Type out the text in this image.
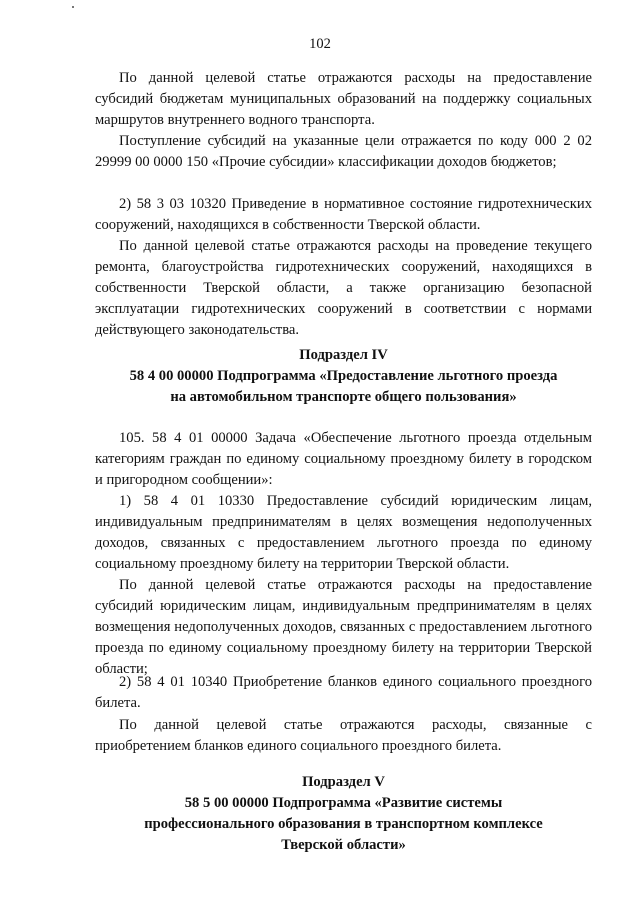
102

По данной целевой статье отражаются расходы на предоставление субсидий бюджетам муниципальных образований на поддержку социальных маршрутов внутреннего водного транспорта.

Поступление субсидий на указанные цели отражается по коду 000 2 02 29999 00 0000 150 «Прочие субсидии» классификации доходов бюджетов;

2) 58 3 03 10320 Приведение в нормативное состояние гидротехнических сооружений, находящихся в собственности Тверской области.

По данной целевой статье отражаются расходы на проведение текущего ремонта, благоустройства гидротехнических сооружений, находящихся в собственности Тверской области, а также организацию безопасной эксплуатации гидротехнических сооружений в соответствии с нормами действующего законодательства.

Подраздел IV

58 4 00 00000 Подпрограмма «Предоставление льготного проезда

на автомобильном транспорте общего пользования»

105. 58 4 01 00000 Задача «Обеспечение льготного проезда отдельным категориям граждан по единому социальному проездному билету в городском и пригородном сообщении»:

1) 58 4 01 10330 Предоставление субсидий юридическим лицам, индивидуальным предпринимателям в целях возмещения недополученных доходов, связанных с предоставлением льготного проезда по единому социальному проездному билету на территории Тверской области.

По данной целевой статье отражаются расходы на предоставление субсидий юридическим лицам, индивидуальным предпринимателям в целях возмещения недополученных доходов, связанных с предоставлением льготного проезда по единому социальному проездному билету на территории Тверской области;

2) 58 4 01 10340 Приобретение бланков единого социального проездного билета.

По данной целевой статье отражаются расходы, связанные с приобретением бланков единого социального проездного билета.

Подраздел V

58 5 00 00000 Подпрограмма «Развитие системы

профессионального образования в транспортном комплексе

Тверской области»
